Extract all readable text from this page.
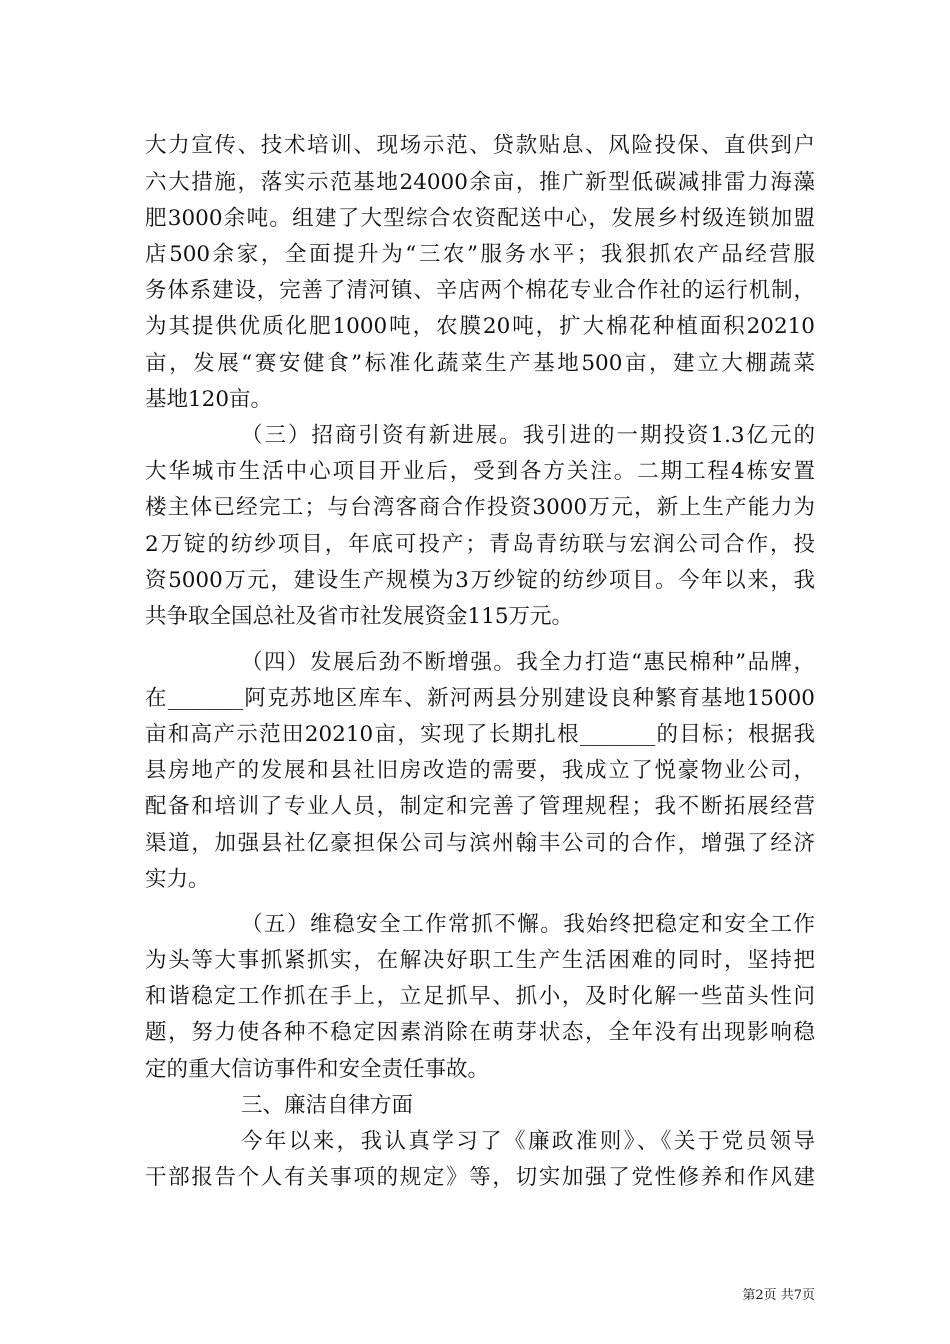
大力宣传、技术培训、现场示范、贷款贴息、风险投保、直供到户

六大措施，落实示范基地24000余亩，推广新型低碳减排雷力海藻

肥3000余吨。组建了大型综合农资配送中心，发展乡村级连锁加盟

店500余家，全面提升为“三农”服务水平；我狠抓农产品经营服

务体系建设，完善了清河镇、辛店两个棉花专业合作社的运行机制，

为其提供优质化肥1000吨，农膜20吨，扩大棉花种植面积20210

亩，发展“赛安健食”标准化蔬菜生产基地500亩，建立大棚蔬菜

基地120亩。

（三）招商引资有新进展。我引进的一期投资1.3亿元的

大华城市生活中心项目开业后，受到各方关注。二期工程4栋安置

楼主体已经完工；与台湾客商合作投资3000万元，新上生产能力为

2万锭的纺纱项目，年底可投产；青岛青纺联与宏润公司合作，投

资5000万元，建设生产规模为3万纱锭的纺纱项目。今年以来，我

共争取全国总社及省市社发展资金115万元。

（四）发展后劲不断增强。我全力打造“惠民棉种”品牌，

在_______阿克苏地区库车、新河两县分别建设良种繁育基地15000

亩和高产示范田20210亩，实现了长期扎根_______的目标；根据我

县房地产的发展和县社旧房改造的需要，我成立了悦豪物业公司，

配备和培训了专业人员，制定和完善了管理规程；我不断拓展经营

渠道，加强县社亿豪担保公司与滨州翰丰公司的合作，增强了经济

实力。

（五）维稳安全工作常抓不懈。我始终把稳定和安全工作

为头等大事抓紧抓实，在解决好职工生产生活困难的同时，坚持把

和谐稳定工作抓在手上，立足抓早、抓小，及时化解一些苗头性问

题，努力使各种不稳定因素消除在萌芽状态，全年没有出现影响稳

定的重大信访事件和安全责任事故。

三、廉洁自律方面

今年以来，我认真学习了《廉政准则》、《关于党员领导

干部报告个人有关事项的规定》等，切实加强了党性修养和作风建

第2页 共7页
